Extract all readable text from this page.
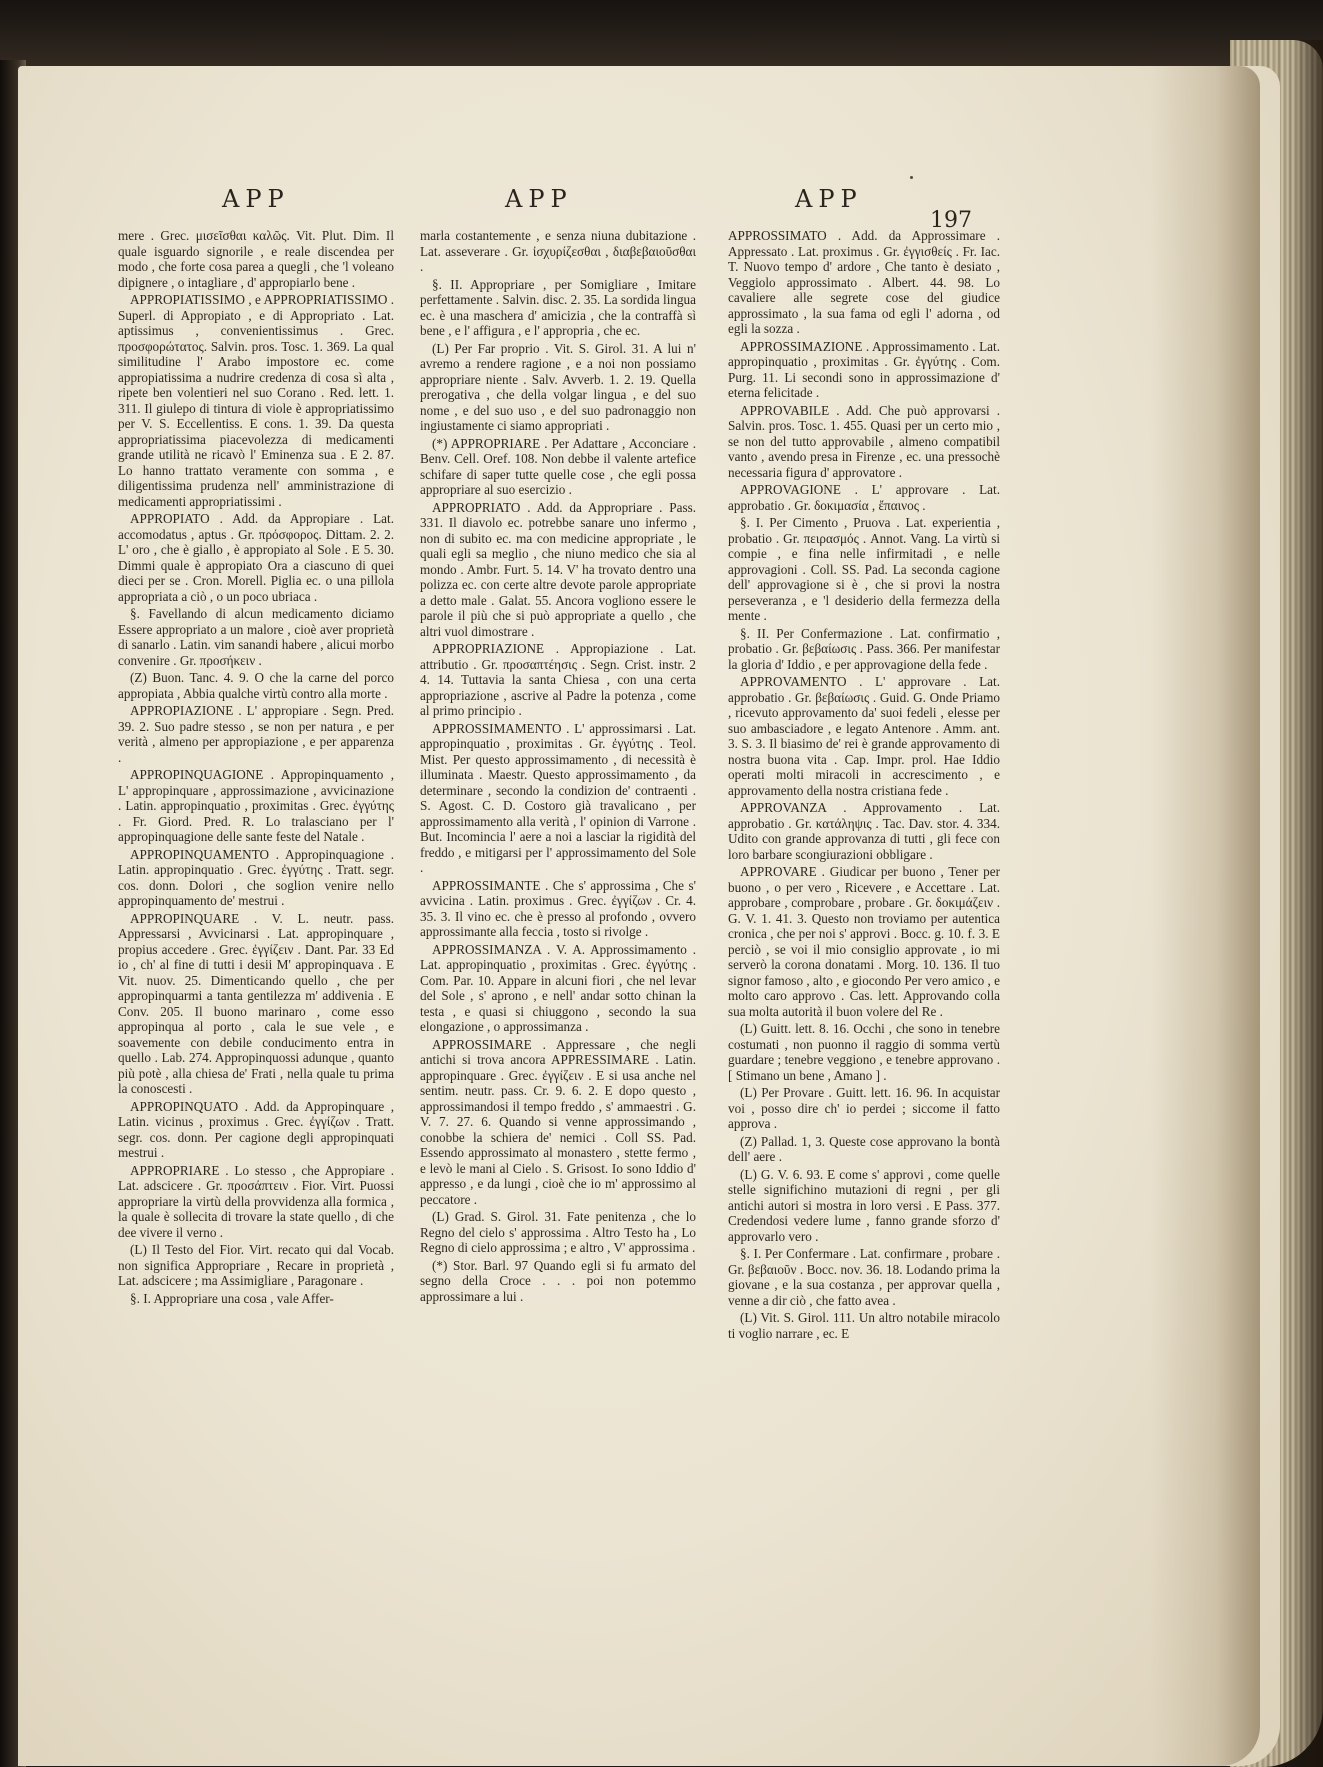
APP	APP	APP
197

mere . Grec. μισεῖσθαι καλῶς. Vit. Plut. Dim. Il quale isguardo signorile , e reale discendea per modo , che forte cosa parea a quegli , che 'l voleano dipignere , o intagliare , d' appropiarlo bene .

APPROPIATISSIMO , e APPROPRIATISSIMO . Superl. di Appropiato , e di Appropriato . Lat. aptissimus , convenientissimus . Grec. προσφορώτατος. Salvin. pros. Tosc. 1. 369. La qual similitudine l' Arabo impostore ec. come appropiatissima a nudrire credenza di cosa sì alta , ripete ben volentieri nel suo Corano . Red. lett. 1. 311. Il giulepo di tintura di viole è appropriatissimo per V. S. Eccellentiss. E cons. 1. 39. Da questa appropriatissima piacevolezza di medicamenti grande utilità ne ricavò l' Eminenza sua . E 2. 87. Lo hanno trattato veramente con somma , e diligentissima prudenza nell' amministrazione di medicamenti appropriatissimi .

APPROPIATO . Add. da Appropiare . Lat. accomodatus , aptus . Gr. πρόσφορος. Dittam. 2. 2. L' oro , che è giallo , è appropiato al Sole . E 5. 30. Dimmi quale è appropiato Ora a ciascuno di quei dieci per se . Cron. Morell. Piglia ec. o una pillola appropriata a ciò , o un poco ubriaca .

§. Favellando di alcun medicamento diciamo Essere appropriato a un malore , cioè aver proprietà di sanarlo . Latin. vim sanandi habere , alicui morbo convenire . Gr. προσήκειν .

(Z) Buon. Tanc. 4. 9. O che la carne del porco appropiata , Abbia qualche virtù contro alla morte .

APPROPIAZIONE . L' appropiare . Segn. Pred. 39. 2. Suo padre stesso , se non per natura , e per verità , almeno per appropiazione , e per apparenza .

APPROPINQUAGIONE . Appropinquamento , L' appropinquare , approssimazione , avvicinazione . Latin. appropinquatio , proximitas . Grec. ἐγγύτης . Fr. Giord. Pred. R. Lo tralasciano per l' appropinquagione delle sante feste del Natale .

APPROPINQUAMENTO . Appropinquagione . Latin. appropinquatio . Grec. ἐγγύτης . Tratt. segr. cos. donn. Dolori , che soglion venire nello appropinquamento de' mestrui .

APPROPINQUARE . V. L. neutr. pass. Appressarsi , Avvicinarsi . Lat. appropinquare , propius accedere . Grec. ἐγγίζειν . Dant. Par. 33 Ed io , ch' al fine di tutti i desii M' appropinquava . E Vit. nuov. 25. Dimenticando quello , che per appropinquarmi a tanta gentilezza m' addivenia . E Conv. 205. Il buono marinaro , come esso appropinqua al porto , cala le sue vele , e soavemente con debile conducimento entra in quello . Lab. 274. Appropinquossi adunque , quanto più potè , alla chiesa de' Frati , nella quale tu prima la conoscesti .

APPROPINQUATO . Add. da Appropinquare , Latin. vicinus , proximus . Grec. ἐγγίζων . Tratt. segr. cos. donn. Per cagione degli appropinquati mestrui .

APPROPRIARE . Lo stesso , che Appropiare . Lat. adscicere . Gr. προσάπτειν . Fior. Virt. Puossi appropriare la virtù della provvidenza alla formica , la quale è sollecita di trovare la state quello , di che dee vivere il verno .

(L) Il Testo del Fior. Virt. recato qui dal Vocab. non significa Appropriare , Recare in proprietà , Lat. adscicere ; ma Assimigliare , Paragonare .

§. I. Appropriare una cosa , vale Affer-

marla costantemente , e senza niuna dubitazione . Lat. asseverare . Gr. ἰσχυρίζεσθαι , διαβεβαιοῦσθαι .

§. II. Appropriare , per Somigliare , Imitare perfettamente . Salvin. disc. 2. 35. La sordida lingua ec. è una maschera d' amicizia , che la contraffà sì bene , e l' affigura , e l' appropria , che ec.

(L) Per Far proprio . Vit. S. Girol. 31. A lui n' avremo a rendere ragione , e a noi non possiamo appropriare niente . Salv. Avverb. 1. 2. 19. Quella prerogativa , che della volgar lingua , e del suo nome , e del suo uso , e del suo padronaggio non ingiustamente ci siamo appropriati .

(*) APPROPRIARE . Per Adattare , Acconciare . Benv. Cell. Oref. 108. Non debbe il valente artefice schifare di saper tutte quelle cose , che egli possa appropriare al suo esercizio .

APPROPRIATO . Add. da Appropriare . Pass. 331. Il diavolo ec. potrebbe sanare uno infermo , non di subito ec. ma con medicine appropriate , le quali egli sa meglio , che niuno medico che sia al mondo . Ambr. Furt. 5. 14. V' ha trovato dentro una polizza ec. con certe altre devote parole appropriate a detto male . Galat. 55. Ancora vogliono essere le parole il più che si può appropriate a quello , che altri vuol dimostrare .

APPROPRIAZIONE . Appropiazione . Lat. attributio . Gr. προσαπτέησις . Segn. Crist. instr. 2 4. 14. Tuttavia la santa Chiesa , con una certa appropriazione , ascrive al Padre la potenza , come al primo principio .

APPROSSIMAMENTO . L' approssimarsi . Lat. appropinquatio , proximitas . Gr. ἐγγύτης . Teol. Mist. Per questo approssimamento , di necessità è illuminata . Maestr. Questo approssimamento , da determinare , secondo la condizion de' contraenti . S. Agost. C. D. Costoro già travalicano , per approssimamento alla verità , l' opinion di Varrone . But. Incomincia l' aere a noi a lasciar la rigidità del freddo , e mitigarsi per l' approssimamento del Sole .

APPROSSIMANTE . Che s' approssima , Che s' avvicina . Latin. proximus . Grec. ἐγγίζων . Cr. 4. 35. 3. Il vino ec. che è presso al profondo , ovvero approssimante alla feccia , tosto si rivolge .

APPROSSIMANZA . V. A. Approssimamento . Lat. appropinquatio , proximitas . Grec. ἐγγύτης . Com. Par. 10. Appare in alcuni fiori , che nel levar del Sole , s' aprono , e nell' andar sotto chinan la testa , e quasi si chiuggono , secondo la sua elongazione , o approssimanza .

APPROSSIMARE . Appressare , che negli antichi si trova ancora APPRESSIMARE . Latin. appropinquare . Grec. ἐγγίζειν . E si usa anche nel sentim. neutr. pass. Cr. 9. 6. 2. E dopo questo , approssimandosi il tempo freddo , s' ammaestri . G. V. 7. 27. 6. Quando si venne approssimando , conobbe la schiera de' nemici . Coll SS. Pad. Essendo approssimato al monastero , stette fermo , e levò le mani al Cielo . S. Grisost. Io sono Iddio d' appresso , e da lungi , cioè che io m' approssimo al peccatore .

(L) Grad. S. Girol. 31. Fate penitenza , che lo Regno del cielo s' approssima . Altro Testo ha , Lo Regno di cielo approssima ; e altro , V' approssima .

(*) Stor. Barl. 97 Quando egli si fu armato del segno della Croce . . . poi non potemmo approssimare a lui .

APPROSSIMATO . Add. da Approssimare . Appressato . Lat. proximus . Gr. ἐγγισθείς . Fr. Iac. T. Nuovo tempo d' ardore , Che tanto è desiato , Veggiolo approssimato . Albert. 44. 98. Lo cavaliere alle segrete cose del giudice approssimato , la sua fama od egli l' adorna , od egli la sozza .

APPROSSIMAZIONE . Approssimamento . Lat. appropinquatio , proximitas . Gr. ἐγγύτης . Com. Purg. 11. Li secondi sono in approssimazione d' eterna felicitade .

APPROVABILE . Add. Che può approvarsi . Salvin. pros. Tosc. 1. 455. Quasi per un certo mio , se non del tutto approvabile , almeno compatibil vanto , avendo presa in Firenze , ec. una pressochè necessaria figura d' approvatore .

APPROVAGIONE . L' approvare . Lat. approbatio . Gr. δοκιμασία , ἔπαινος .

§. I. Per Cimento , Pruova . Lat. experientia , probatio . Gr. πειρασμός . Annot. Vang. La virtù si compie , e fina nelle infirmitadi , e nelle approvagioni . Coll. SS. Pad. La seconda cagione dell' approvagione si è , che si provi la nostra perseveranza , e 'l desiderio della fermezza della mente .

§. II. Per Confermazione . Lat. confirmatio , probatio . Gr. βεβαίωσις . Pass. 366. Per manifestar la gloria d' Iddio , e per approvagione della fede .

APPROVAMENTO . L' approvare . Lat. approbatio . Gr. βεβαίωσις . Guid. G. Onde Priamo , ricevuto approvamento da' suoi fedeli , elesse per suo ambasciadore , e legato Antenore . Amm. ant. 3. S. 3. Il biasimo de' rei è grande approvamento di nostra buona vita . Cap. Impr. prol. Hae Iddio operati molti miracoli in accrescimento , e approvamento della nostra cristiana fede .

APPROVANZA . Approvamento . Lat. approbatio . Gr. κατάληψις . Tac. Dav. stor. 4. 334. Udito con grande approvanza di tutti , gli fece con loro barbare scongiurazioni obbligare .

APPROVARE . Giudicar per buono , Tener per buono , o per vero , Ricevere , e Accettare . Lat. approbare , comprobare , probare . Gr. δοκιμάζειν . G. V. 1. 41. 3. Questo non troviamo per autentica cronica , che per noi s' approvi . Bocc. g. 10. f. 3. E perciò , se voi il mio consiglio approvate , io mi serverò la corona donatami . Morg. 10. 136. Il tuo signor famoso , alto , e giocondo Per vero amico , e molto caro approvo . Cas. lett. Approvando colla sua molta autorità il buon volere del Re .

(L) Guitt. lett. 8. 16. Occhi , che sono in tenebre costumati , non puonno il raggio di somma vertù guardare ; tenebre veggiono , e tenebre approvano . [ Stimano un bene , Amano ] .

(L) Per Provare . Guitt. lett. 16. 96. In acquistar voi , posso dire ch' io perdei ; siccome il fatto approva .

(Z) Pallad. 1, 3. Queste cose approvano la bontà dell' aere .

(L) G. V. 6. 93. E come s' approvi , come quelle stelle significhino mutazioni di regni , per gli antichi autori si mostra in loro versi . E Pass. 377. Credendosi vedere lume , fanno grande sforzo d' approvarlo vero .

§. I. Per Confermare . Lat. confirmare , probare . Gr. βεβαιοῦν . Bocc. nov. 36. 18. Lodando prima la giovane , e la sua costanza , per approvar quella , venne a dir ciò , che fatto avea .

(L) Vit. S. Girol. 111. Un altro notabile miracolo ti voglio narrare , ec. E
